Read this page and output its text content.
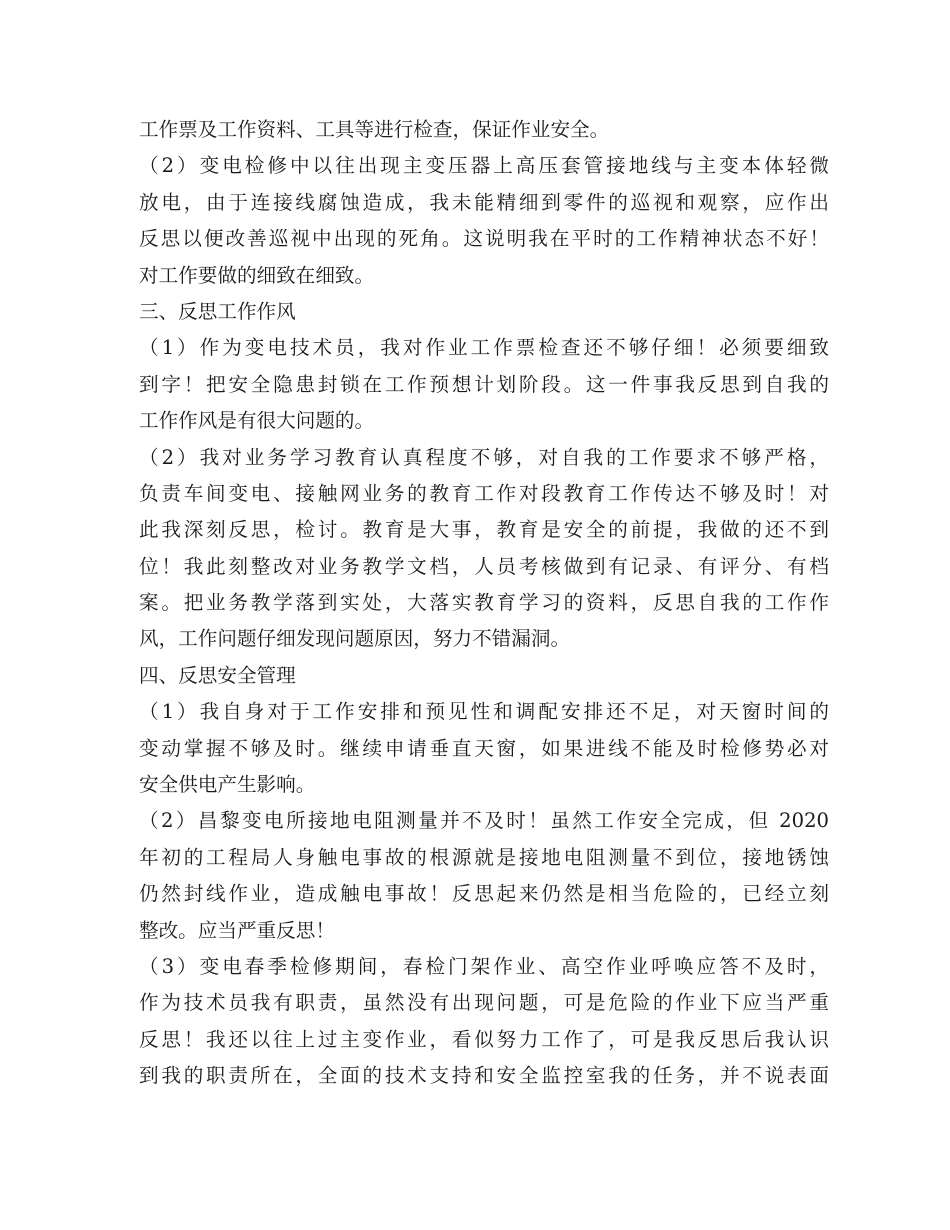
工作票及工作资料、工具等进行检查，保证作业安全。
（2）变电检修中以往出现主变压器上高压套管接地线与主变本体轻微
放电，由于连接线腐蚀造成，我未能精细到零件的巡视和观察，应作出
反思以便改善巡视中出现的死角。这说明我在平时的工作精神状态不好！
对工作要做的细致在细致。
三、反思工作作风
（1）作为变电技术员，我对作业工作票检查还不够仔细！必须要细致
到字！把安全隐患封锁在工作预想计划阶段。这一件事我反思到自我的
工作作风是有很大问题的。
（2）我对业务学习教育认真程度不够，对自我的工作要求不够严格，
负责车间变电、接触网业务的教育工作对段教育工作传达不够及时！对
此我深刻反思，检讨。教育是大事，教育是安全的前提，我做的还不到
位！我此刻整改对业务教学文档，人员考核做到有记录、有评分、有档
案。把业务教学落到实处，大落实教育学习的资料，反思自我的工作作
风，工作问题仔细发现问题原因，努力不错漏洞。
四、反思安全管理
（1）我自身对于工作安排和预见性和调配安排还不足，对天窗时间的
变动掌握不够及时。继续申请垂直天窗，如果进线不能及时检修势必对
安全供电产生影响。
（2）昌黎变电所接地电阻测量并不及时！虽然工作安全完成，但 2020
年初的工程局人身触电事故的根源就是接地电阻测量不到位，接地锈蚀
仍然封线作业，造成触电事故！反思起来仍然是相当危险的，已经立刻
整改。应当严重反思！
（3）变电春季检修期间，春检门架作业、高空作业呼唤应答不及时，
作为技术员我有职责，虽然没有出现问题，可是危险的作业下应当严重
反思！我还以往上过主变作业，看似努力工作了，可是我反思后我认识
到我的职责所在，全面的技术支持和安全监控室我的任务，并不说表面
